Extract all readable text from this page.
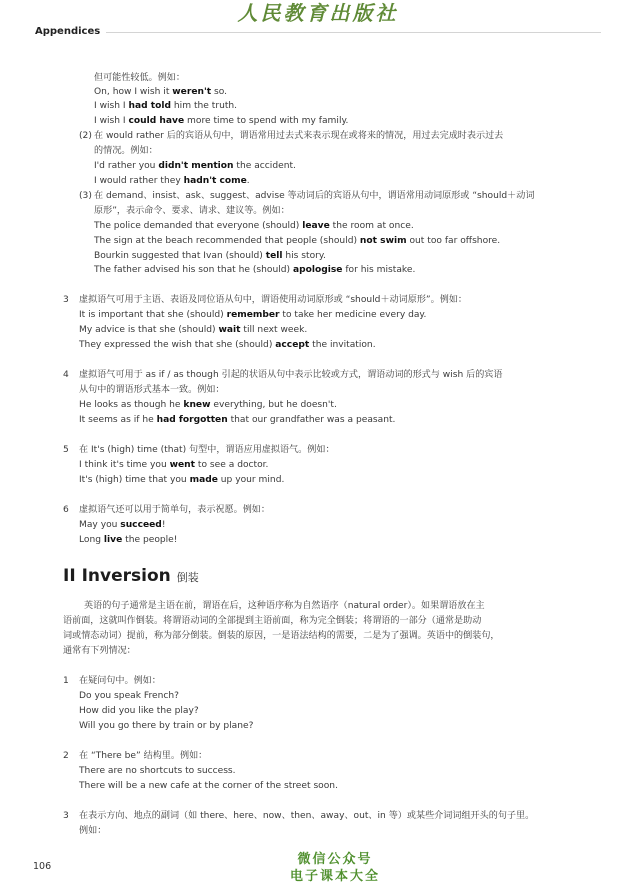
人民教育出版社
Appendices
但可能性较低。例如：
On, how I wish it weren't so.
I wish I had told him the truth.
I wish I could have more time to spend with my family.
(2) 在 would rather 后的宾语从句中，谓语常用过去式来表示现在或将来的情况，用过去完成时表示过去
的情况。例如：
I'd rather you didn't mention the accident.
I would rather they hadn't come.
(3) 在 demand、insist、ask、suggest、advise 等动词后的宾语从句中，谓语常用动词原形或 “should＋动词
原形”，表示命令、要求、请求、建议等。例如：
The police demanded that everyone (should) leave the room at once.
The sign at the beach recommended that people (should) not swim out too far offshore.
Bourkin suggested that Ivan (should) tell his story.
The father advised his son that he (should) apologise for his mistake.
3 虚拟语气可用于主语、表语及同位语从句中，谓语使用动词原形或 “should＋动词原形”。例如：
It is important that she (should) remember to take her medicine every day.
My advice is that she (should) wait till next week.
They expressed the wish that she (should) accept the invitation.
4 虚拟语气可用于 as if / as though 引起的状语从句中表示比较或方式，谓语动词的形式与 wish 后的宾语
从句中的谓语形式基本一致。例如：
He looks as though he knew everything, but he doesn't.
It seems as if he had forgotten that our grandfather was a peasant.
5 在 It's (high) time (that) 句型中，谓语应用虚拟语气。例如：
I think it's time you went to see a doctor.
It's (high) time that you made up your mind.
6 虚拟语气还可以用于简单句，表示祝愿。例如：
May you succeed!
Long live the people!
II Inversion 倒装
英语的句子通常是主语在前，谓语在后，这种语序称为自然语序（natural order）。如果谓语放在主
语前面，这就叫作倒装。将谓语动词的全部提到主语前面，称为完全倒装；将谓语的一部分（通常是助动
词或情态动词）提前，称为部分倒装。倒装的原因，一是语法结构的需要，二是为了强调。英语中的倒装句，
通常有下列情况：
1 在疑问句中。例如：
Do you speak French?
How did you like the play?
Will you go there by train or by plane?
2 在 “There be” 结构里。例如：
There are no shortcuts to success.
There will be a new cafe at the corner of the street soon.
3 在表示方向、地点的副词（如 there、here、now、then、away、out、in 等）或某些介词词组开头的句子里。
例如：
106	微信公众号
电子课本大全
